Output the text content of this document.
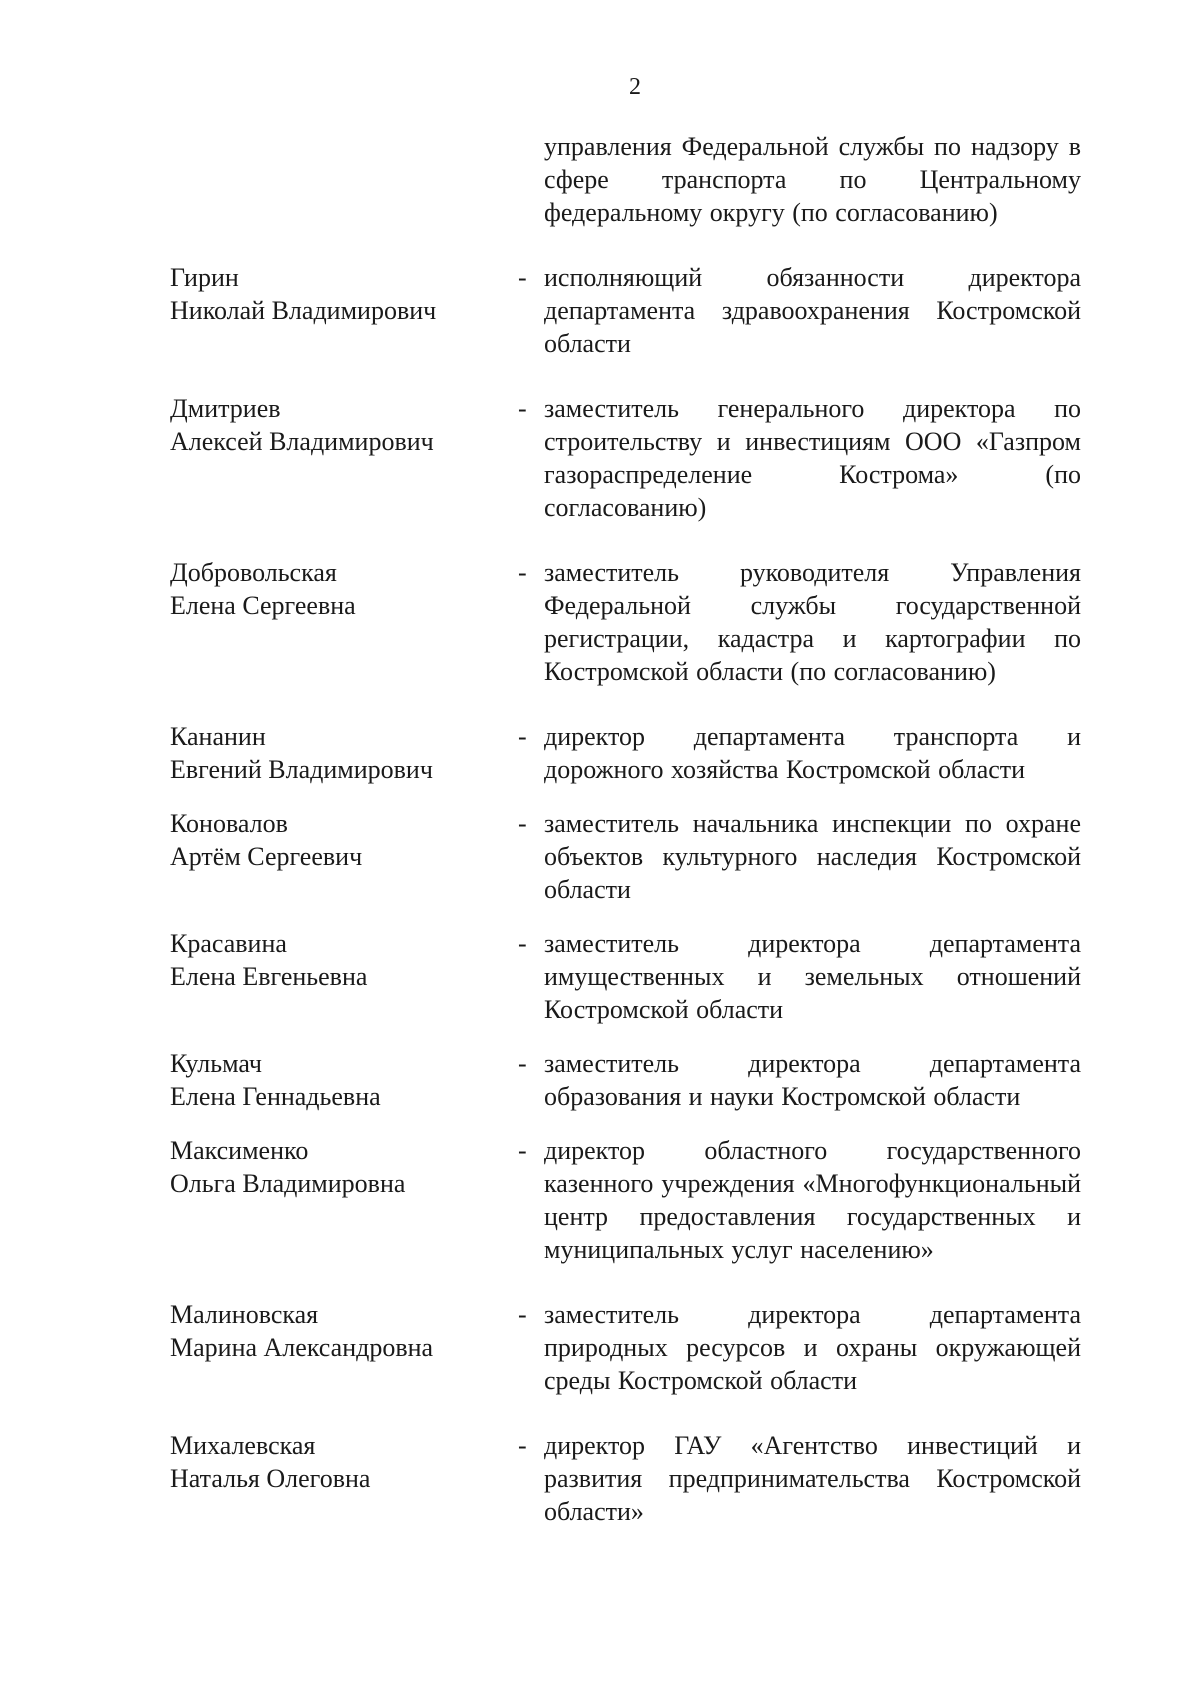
2
управления Федеральной службы по надзору в сфере транспорта по Центральному федеральному округу (по согласованию)
Гирин
Николай Владимирович
- исполняющий обязанности директора департамента здравоохранения Костромской области
Дмитриев
Алексей Владимирович
- заместитель генерального директора по строительству и инвестициям ООО «Газпром газораспределение Кострома» (по согласованию)
Добровольская
Елена Сергеевна
- заместитель руководителя Управления Федеральной службы государственной регистрации, кадастра и картографии по Костромской области (по согласованию)
Кананин
Евгений Владимирович
- директор департамента транспорта и дорожного хозяйства Костромской области
Коновалов
Артём Сергеевич
- заместитель начальника инспекции по охране объектов культурного наследия Костромской области
Красавина
Елена Евгеньевна
- заместитель директора департамента имущественных и земельных отношений Костромской области
Кульмач
Елена Геннадьевна
- заместитель директора департамента образования и науки Костромской области
Максименко
Ольга Владимировна
- директор областного государственного казенного учреждения «Многофункциональный центр предоставления государственных и муниципальных услуг населению»
Малиновская
Марина Александровна
- заместитель директора департамента природных ресурсов и охраны окружающей среды Костромской области
Михалевская
Наталья Олеговна
- директор ГАУ «Агентство инвестиций и развития предпринимательства Костромской области»
